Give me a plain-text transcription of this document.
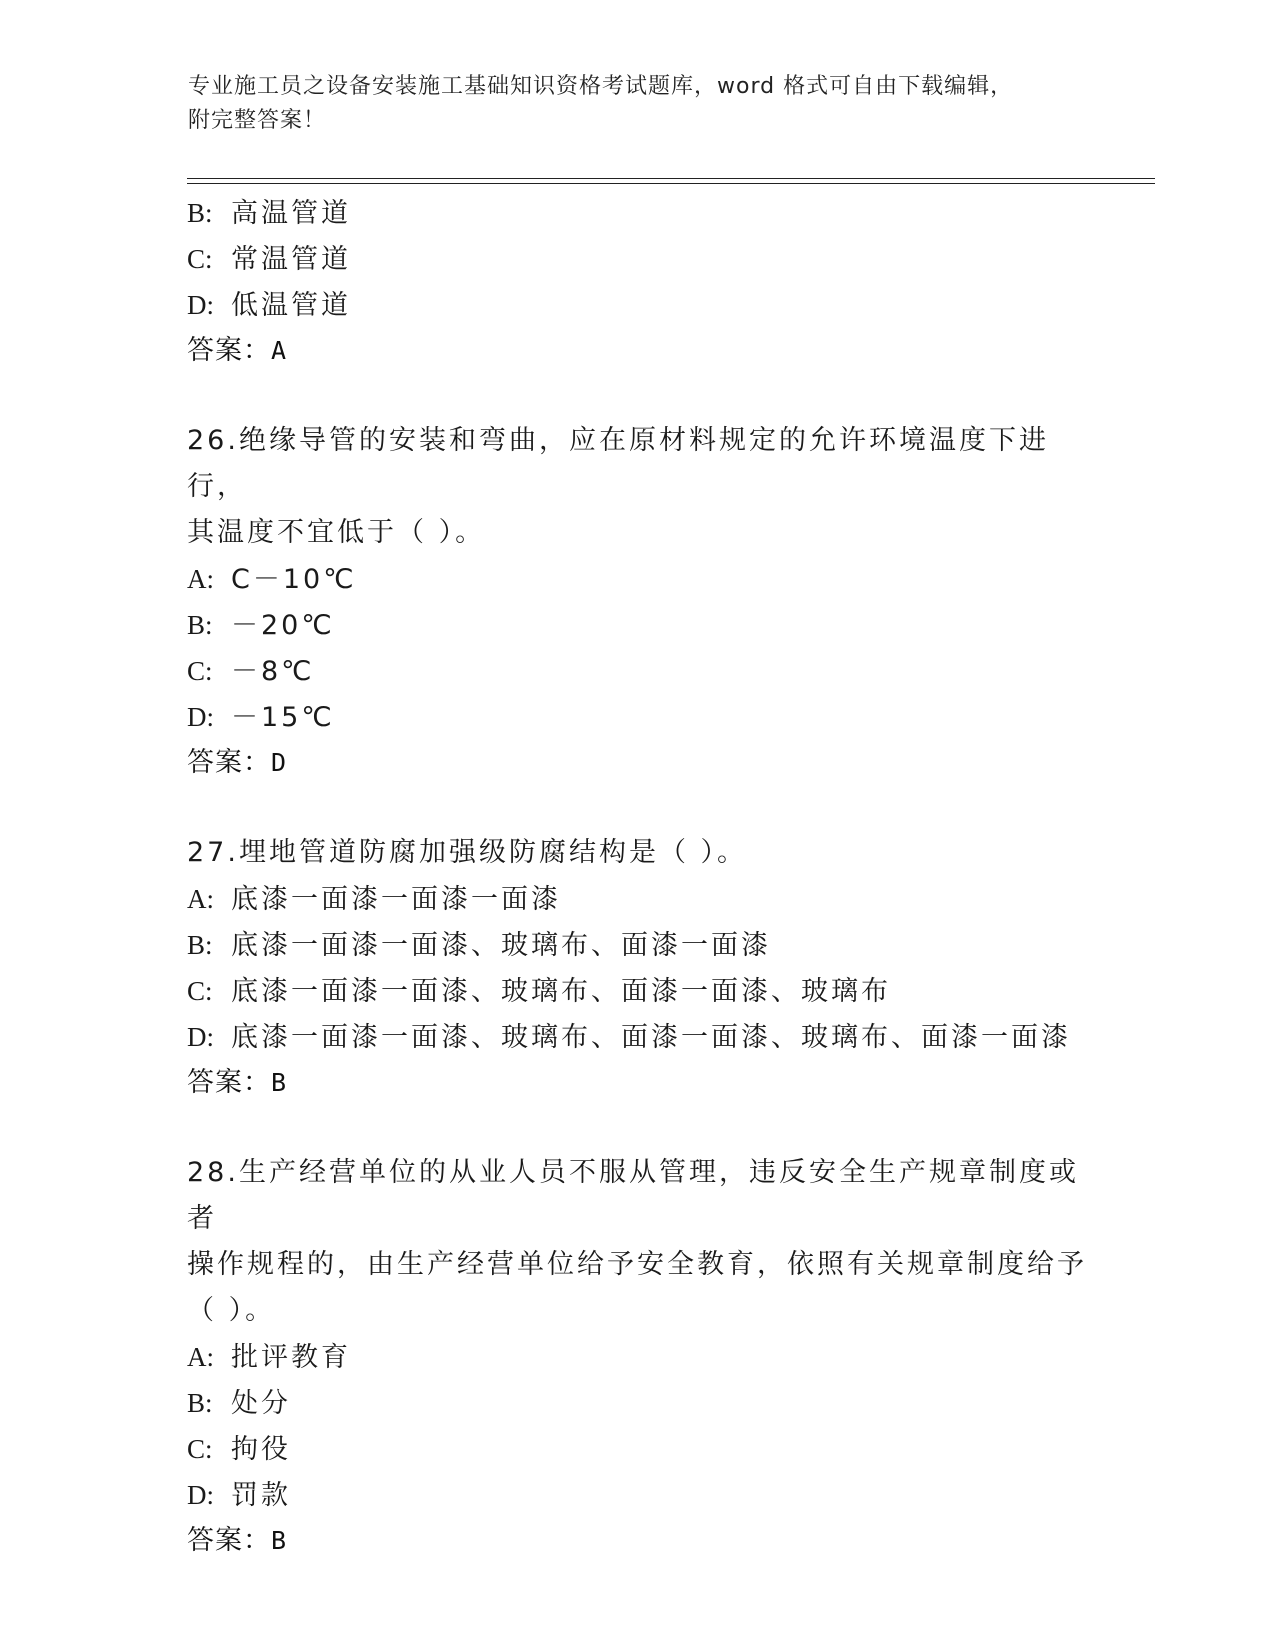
专业施工员之设备安装施工基础知识资格考试题库，word 格式可自由下载编辑，
附完整答案！
B: 高温管道
C: 常温管道
D: 低温管道
答案：A
26.绝缘导管的安装和弯曲，应在原材料规定的允许环境温度下进行，
其温度不宜低于（ ）。
A: C－10℃
B: －20℃
C: －8℃
D: －15℃
答案：D
27.埋地管道防腐加强级防腐结构是（ ）。
A: 底漆一面漆一面漆一面漆
B: 底漆一面漆一面漆、玻璃布、面漆一面漆
C: 底漆一面漆一面漆、玻璃布、面漆一面漆、玻璃布
D: 底漆一面漆一面漆、玻璃布、面漆一面漆、玻璃布、面漆一面漆
答案：B
28.生产经营单位的从业人员不服从管理，违反安全生产规章制度或者
操作规程的，由生产经营单位给予安全教育，依照有关规章制度给予
（ ）。
A: 批评教育
B: 处分
C: 拘役
D: 罚款
答案：B
